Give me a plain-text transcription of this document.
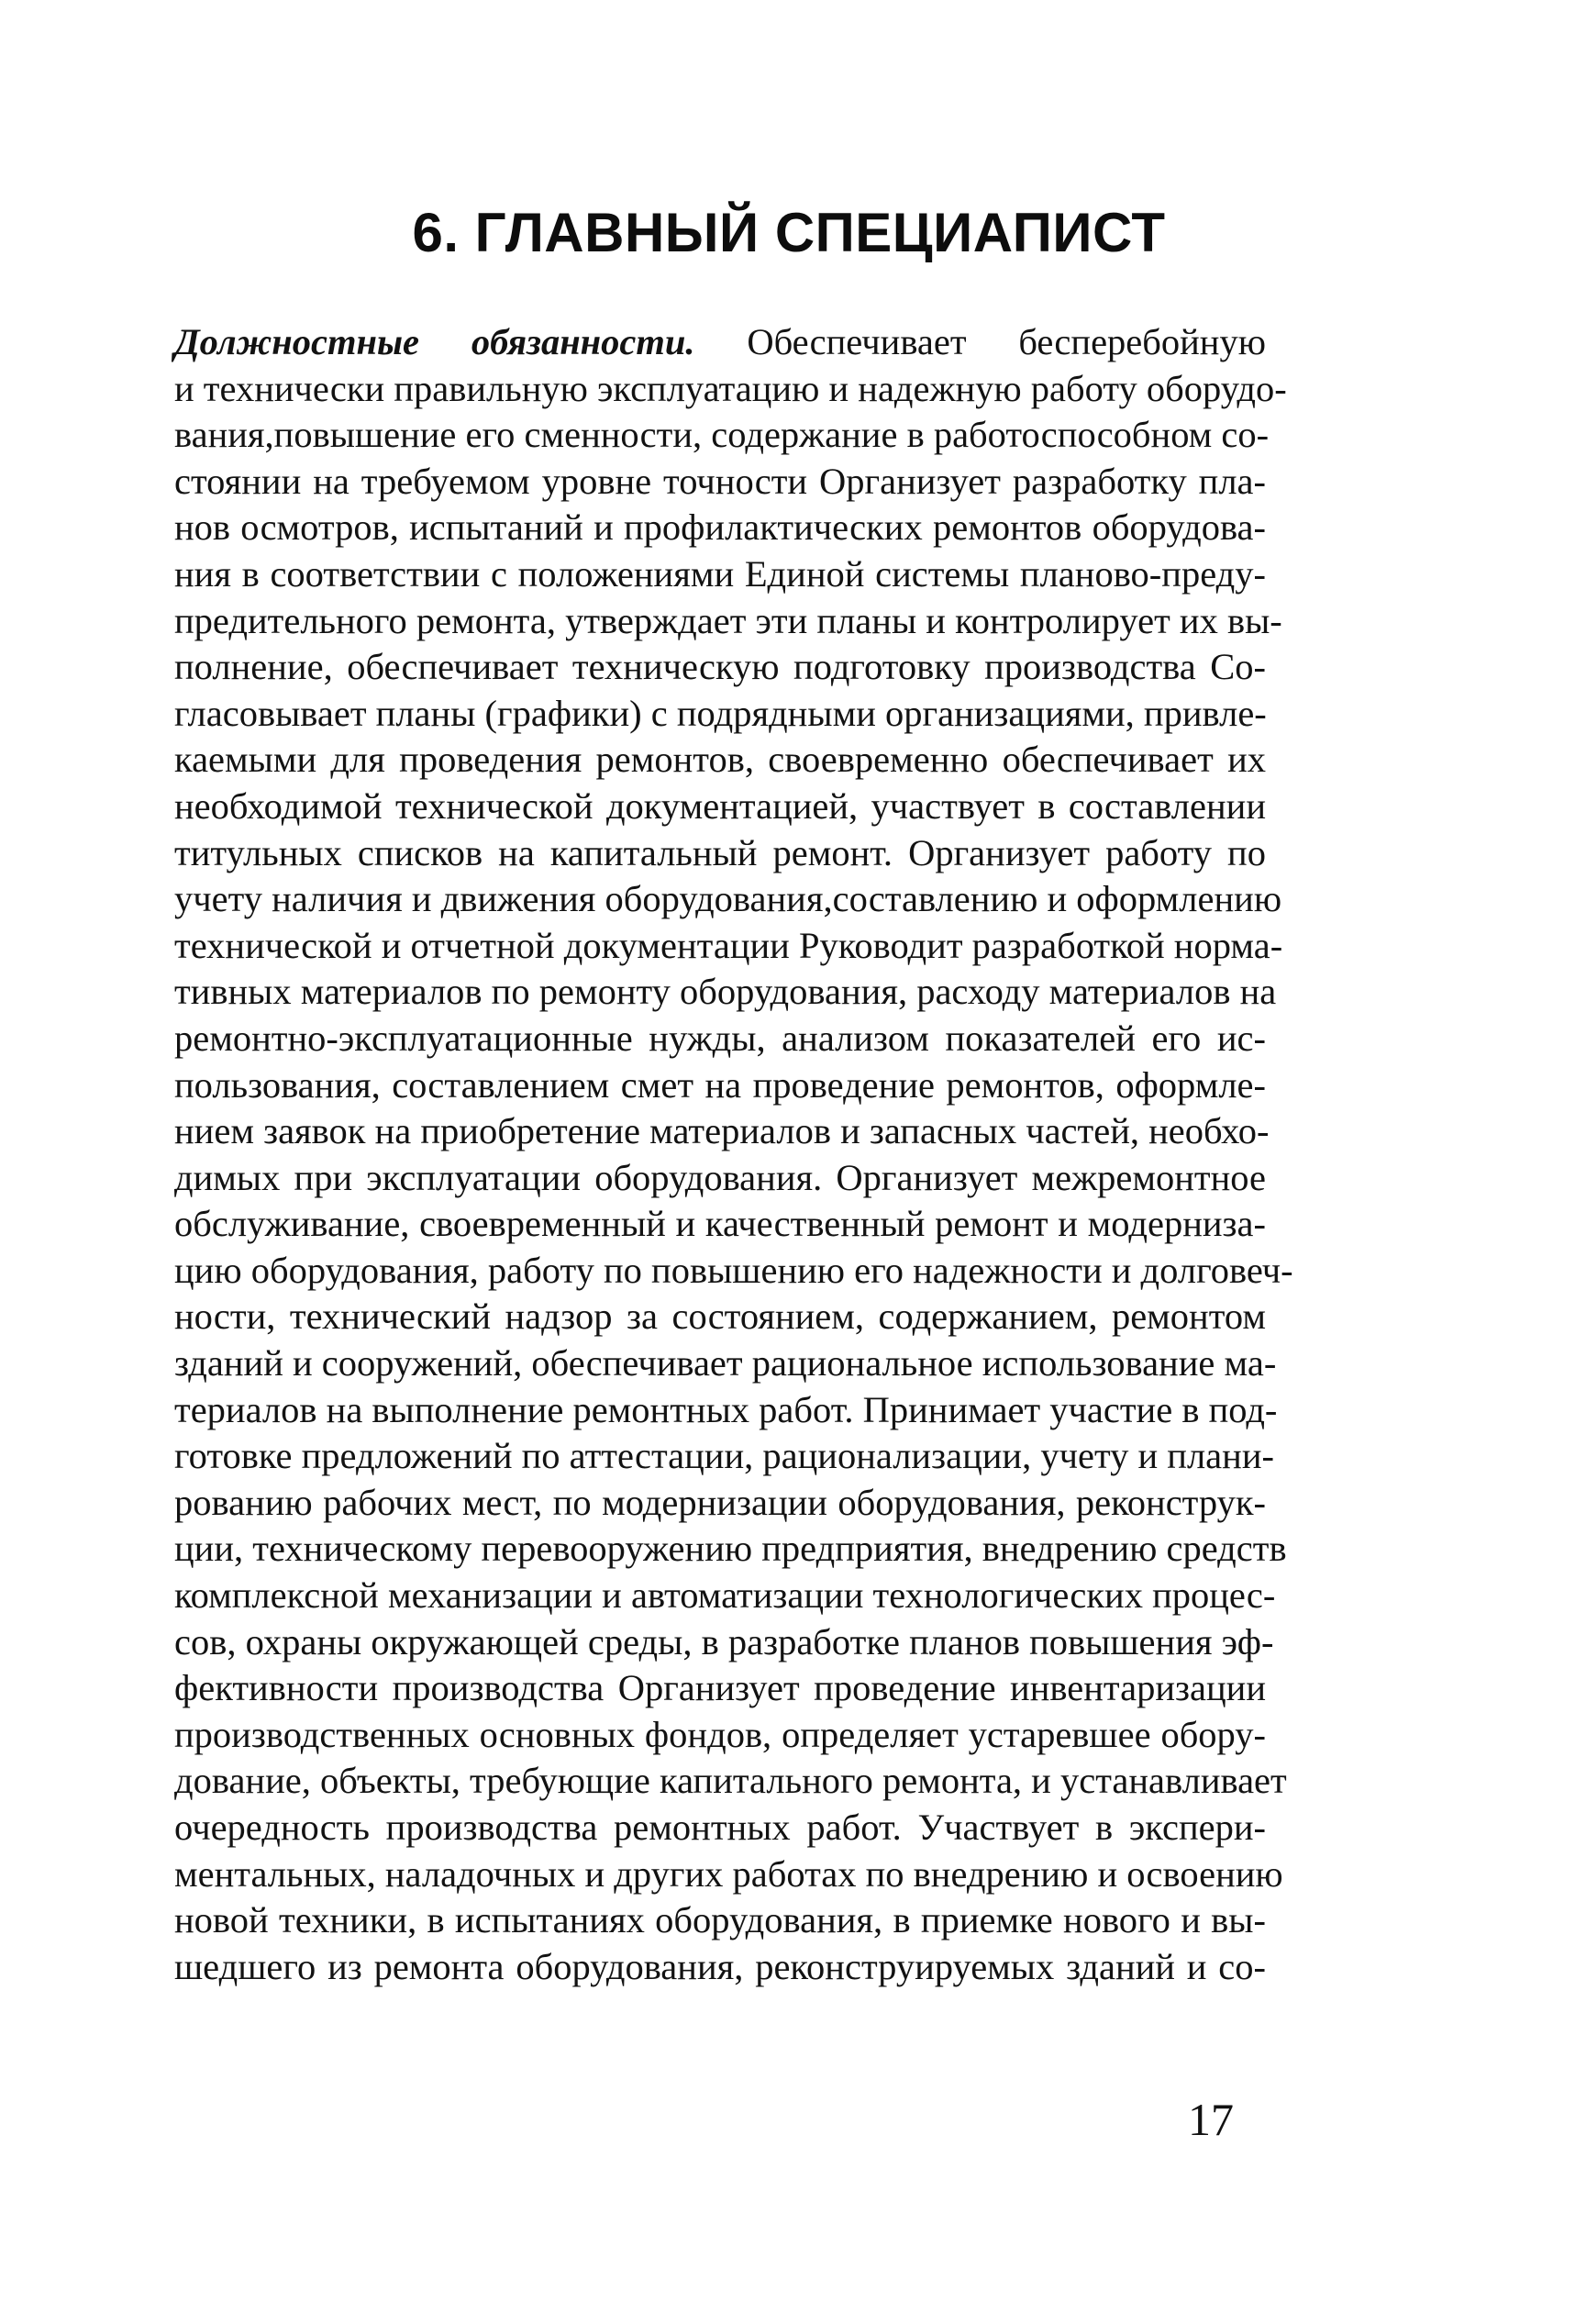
6. ГЛАВНЫЙ СПЕЦИАПИСТ
Должностные обязанности. Обеспечивает бесперебойную
и технически правильную эксплуатацию и надежную работу оборудо-
вания,повышение его сменности, содержание в работоспособном со-
стоянии на требуемом уровне точности Организует разработку пла-
нов осмотров, испытаний и профилактических ремонтов оборудова-
ния в соответствии с положениями Единой системы планово-преду-
предительного ремонта, утверждает эти планы и контролирует их вы-
полнение, обеспечивает техническую подготовку производства Со-
гласовывает планы (графики) с подрядными организациями, привле-
каемыми для проведения ремонтов, своевременно обеспечивает их
необходимой технической документацией, участвует в составлении
титульных списков на капитальный ремонт. Организует работу по
учету наличия и движения оборудования,составлению и оформлению
технической и отчетной документации Руководит разработкой норма-
тивных материалов по ремонту оборудования, расходу материалов на
ремонтно-эксплуатационные нужды, анализом показателей его ис-
пользования, составлением смет на проведение ремонтов, оформле-
нием заявок на приобретение материалов и запасных частей, необхо-
димых при эксплуатации оборудования. Организует межремонтное
обслуживание, своевременный и качественный ремонт и модерниза-
цию оборудования, работу по повышению его надежности и долговеч-
ности, технический надзор за состоянием, содержанием, ремонтом
зданий и сооружений, обеспечивает рациональное использование ма-
териалов на выполнение ремонтных работ. Принимает участие в под-
готовке предложений по аттестации, рационализации, учету и плани-
рованию рабочих мест, по модернизации оборудования, реконструк-
ции, техническому перевооружению предприятия, внедрению средств
комплексной механизации и автоматизации технологических процес-
сов, охраны окружающей среды, в разработке планов повышения эф-
фективности производства Организует проведение инвентаризации
производственных основных фондов, определяет устаревшее обору-
дование, объекты, требующие капитального ремонта, и устанавливает
очередность производства ремонтных работ. Участвует в экспери-
ментальных, наладочных и других работах по внедрению и освоению
новой техники, в испытаниях оборудования, в приемке нового и вы-
шедшего из ремонта оборудования, реконструируемых зданий и со-
17
